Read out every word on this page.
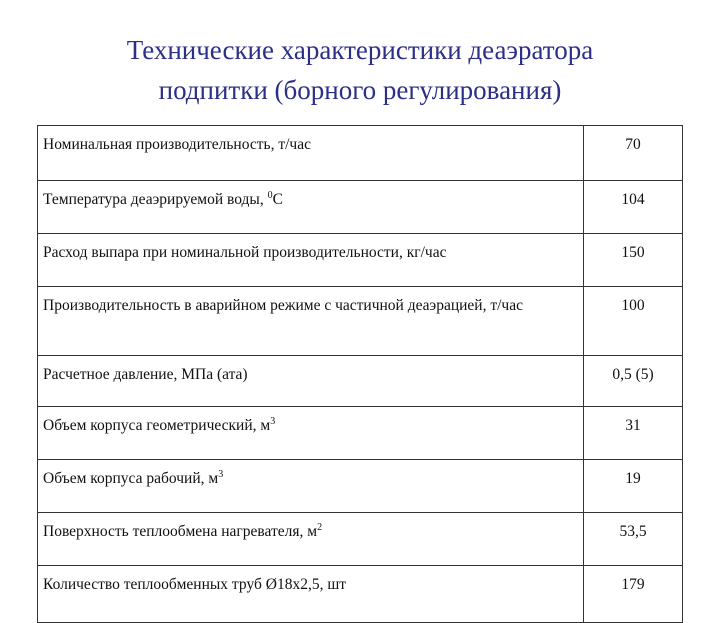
Технические характеристики деаэратора
подпитки (борного регулирования)
Номинальная производительность, т/час	70

Температура деаэрируемой воды, $^0$С	104

Расход выпара при номинальной производительности, кг/час	150

Производительность в аварийном режиме с частичной деаэрацией, т/час	100

Расчетное давление, МПа (ата)	0,5 (5)

Объем корпуса геометрический, $м^3$	31

Объем корпуса рабочий, $м^3$	19

Поверхность теплообмена нагревателя, $м^2$	53,5

Количество теплообменных труб Ø18х2,5, шт	179
